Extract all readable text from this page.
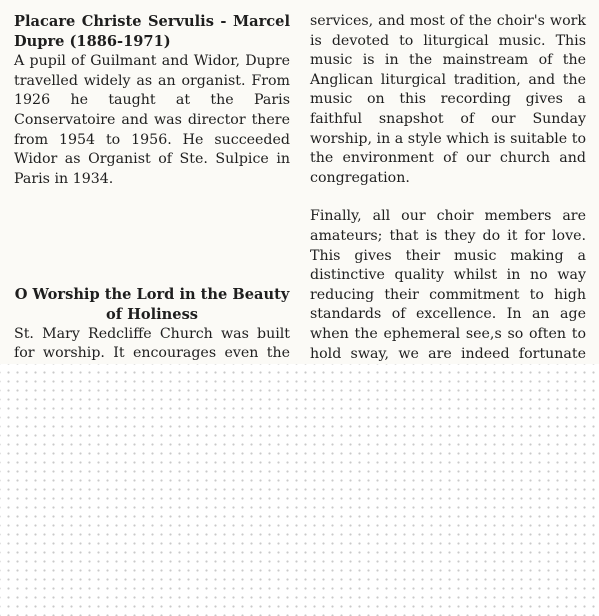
Placare Christe Servulis - Marcel Dupre (1886-1971)

A pupil of Guilmant and Widor, Dupre travelled widely as an organist. From 1926 he taught at the Paris Conservatoire and was director there from 1954 to 1956. He succeeded Widor as Organist of Ste. Sulpice in Paris in 1934.

O Worship the Lord in the Beauty of Holiness

St. Mary Redcliffe Church was built for worship. It encourages even the

services, and most of the choir's work is devoted to liturgical music. This music is in the mainstream of the Anglican liturgical tradition, and the music on this recording gives a faithful snapshot of our Sunday worship, in a style which is suitable to the environment of our church and congregation.

Finally, all our choir members are amateurs; that is they do it for love. This gives their music making a distinctive quality whilst in no way reducing their commitment to high standards of excellence. In an age when the ephemeral see,s so often to hold sway, we are indeed fortunate
